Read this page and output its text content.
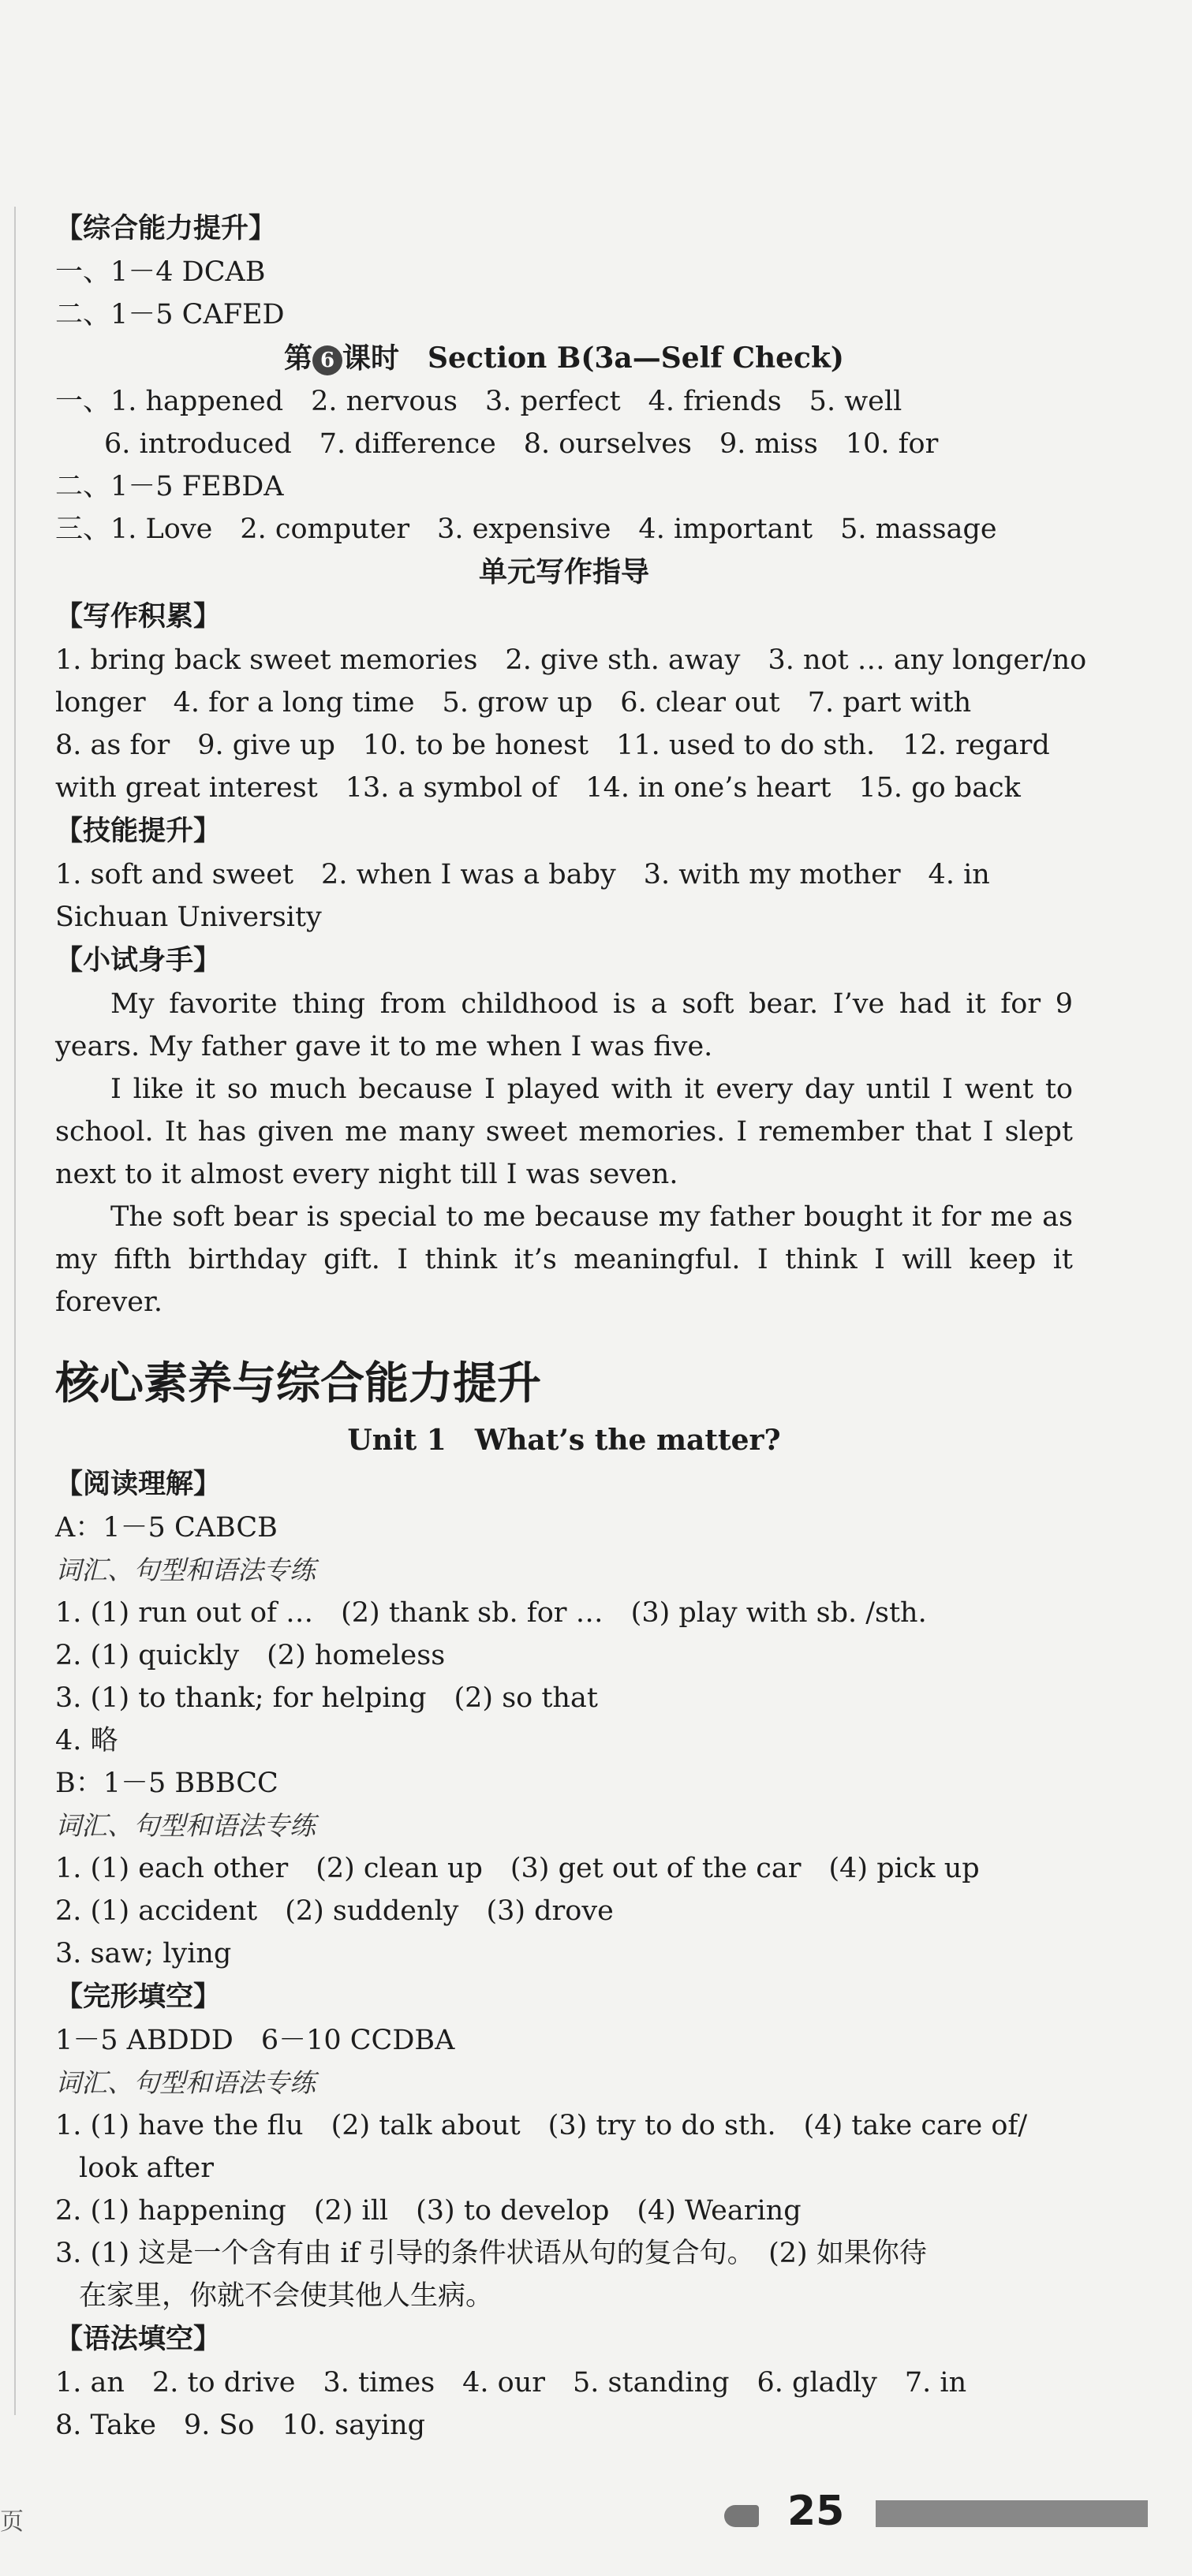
【综合能力提升】
一、1－4 DCAB
二、1－5 CAFED
第 6 课时　Section B(3a—Self Check)
一、1. happened　2. nervous　3. perfect　4. friends　5. well
6. introduced　7. difference　8. ourselves　9. miss　10. for
二、1－5 FEBDA
三、1. Love　2. computer　3. expensive　4. important　5. massage
单元写作指导
【写作积累】
1. bring back sweet memories　2. give sth. away　3. not … any longer/no
longer　4. for a long time　5. grow up　6. clear out　7. part with
8. as for　9. give up　10. to be honest　11. used to do sth.　12. regard
with great interest　13. a symbol of　14. in one’s heart　15. go back
【技能提升】
1. soft and sweet　2. when I was a baby　3. with my mother　4. in
Sichuan University
【小试身手】
My favorite thing from childhood is a soft bear. I’ve had it for 9 years. My father gave it to me when I was five.
I like it so much because I played with it every day until I went to school. It has given me many sweet memories. I remember that I slept next to it almost every night till I was seven.
The soft bear is special to me because my father bought it for me as my fifth birthday gift. I think it’s meaningful. I think I will keep it forever.
核心素养与综合能力提升
Unit 1　What’s the matter?
【阅读理解】
A：1－5 CABCB
词汇、句型和语法专练
1. (1) run out of …　(2) thank sb. for …　(3) play with sb. /sth.
2. (1) quickly　(2) homeless
3. (1) to thank; for helping　(2) so that
4. 略
B：1－5 BBBCC
词汇、句型和语法专练
1. (1) each other　(2) clean up　(3) get out of the car　(4) pick up
2. (1) accident　(2) suddenly　(3) drove
3. saw; lying
【完形填空】
1－5 ABDDD　6－10 CCDBA
词汇、句型和语法专练
1. (1) have the flu　(2) talk about　(3) try to do sth.　(4) take care of/
look after
2. (1) happening　(2) ill　(3) to develop　(4) Wearing
3. (1) 这是一个含有由 if 引导的条件状语从句的复合句。　(2) 如果你待
在家里，你就不会使其他人生病。
【语法填空】
1. an　2. to drive　3. times　4. our　5. standing　6. gladly　7. in
8. Take　9. So　10. saying
页	25
